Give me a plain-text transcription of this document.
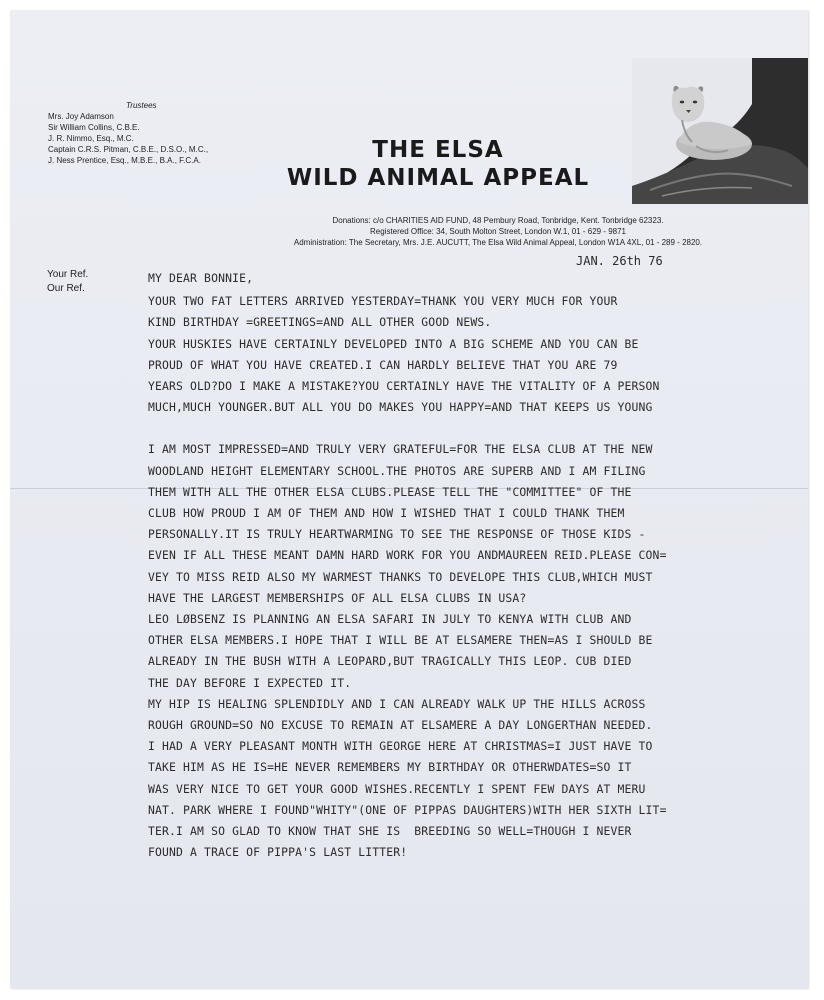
Trustees
Mrs. Joy Adamson
Sir William Collins, C.B.E.
J. R. Nimmo, Esq., M.C.
Captain C.R.S. Pitman, C.B.E., D.S.O., M.C.,
J. Ness Prentice, Esq., M.B.E., B.A., F.C.A.	THE ELSA
WILD ANIMAL APPEAL
Donations: c/o CHARITIES AID FUND, 48 Pembury Road, Tonbridge, Kent. Tonbridge 62323.
Registered Office: 34, South Molton Street, London W.1, 01 - 629 - 9871
Administration: The Secretary, Mrs. J.E. AUCUTT, The Elsa Wild Animal Appeal, London W1A 4XL, 01 - 289 - 2820.
Your Ref.
Our Ref.
JAN. 26th 76
MY DEAR BONNIE,

YOUR TWO FAT LETTERS ARRIVED YESTERDAY=THANK YOU VERY MUCH FOR YOUR
KIND BIRTHDAY =GREETINGS=AND ALL OTHER GOOD NEWS.
YOUR HUSKIES HAVE CERTAINLY DEVELOPED INTO A BIG SCHEME AND YOU CAN BE
PROUD OF WHAT YOU HAVE CREATED.I CAN HARDLY BELIEVE THAT YOU ARE 79
YEARS OLD?DO I MAKE A MISTAKE?YOU CERTAINLY HAVE THE VITALITY OF A PERSON
MUCH,MUCH YOUNGER.BUT ALL YOU DO MAKES YOU HAPPY=AND THAT KEEPS US YOUNG
I AM MOST IMPRESSED=AND TRULY VERY GRATEFUL=FOR THE ELSA CLUB AT THE NEW
WOODLAND HEIGHT ELEMENTARY SCHOOL.THE PHOTOS ARE SUPERB AND I AM FILING
THEM WITH ALL THE OTHER ELSA CLUBS.PLEASE TELL THE "COMMITTEE" OF THE
CLUB HOW PROUD I AM OF THEM AND HOW I WISHED THAT I COULD THANK THEM
PERSONALLY.IT IS TRULY HEARTWARMING TO SEE THE RESPONSE OF THOSE KIDS -
EVEN IF ALL THESE MEANT DAMN HARD WORK FOR YOU ANDMAUREEN REID.PLEASE CON=
VEY TO MISS REID ALSO MY WARMEST THANKS TO DEVELOPE THIS CLUB,WHICH MUST
HAVE THE LARGEST MEMBERSHIPS OF ALL ELSA CLUBS IN USA?
LEO LØBSENZ IS PLANNING AN ELSA SAFARI IN JULY TO KENYA WITH CLUB AND
OTHER ELSA MEMBERS.I HOPE THAT I WILL BE AT ELSAMERE THEN=AS I SHOULD BE
ALREADY IN THE BUSH WITH A LEOPARD,BUT TRAGICALLY THIS LEOP. CUB DIED
THE DAY BEFORE I EXPECTED IT.
MY HIP IS HEALING SPLENDIDLY AND I CAN ALREADY WALK UP THE HILLS ACROSS
ROUGH GROUND=SO NO EXCUSE TO REMAIN AT ELSAMERE A DAY LONGERTHAN NEEDED.
I HAD A VERY PLEASANT MONTH WITH GEORGE HERE AT CHRISTMAS=I JUST HAVE TO
TAKE HIM AS HE IS=HE NEVER REMEMBERS MY BIRTHDAY OR OTHERWDATES=SO IT
WAS VERY NICE TO GET YOUR GOOD WISHES.RECENTLY I SPENT FEW DAYS AT MERU
NAT. PARK WHERE I FOUND"WHITY"(ONE OF PIPPAS DAUGHTERS)WITH HER SIXTH LIT=
TER.I AM SO GLAD TO KNOW THAT SHE IS  BREEDING SO WELL=THOUGH I NEVER
FOUND A TRACE OF PIPPA'S LAST LITTER!
